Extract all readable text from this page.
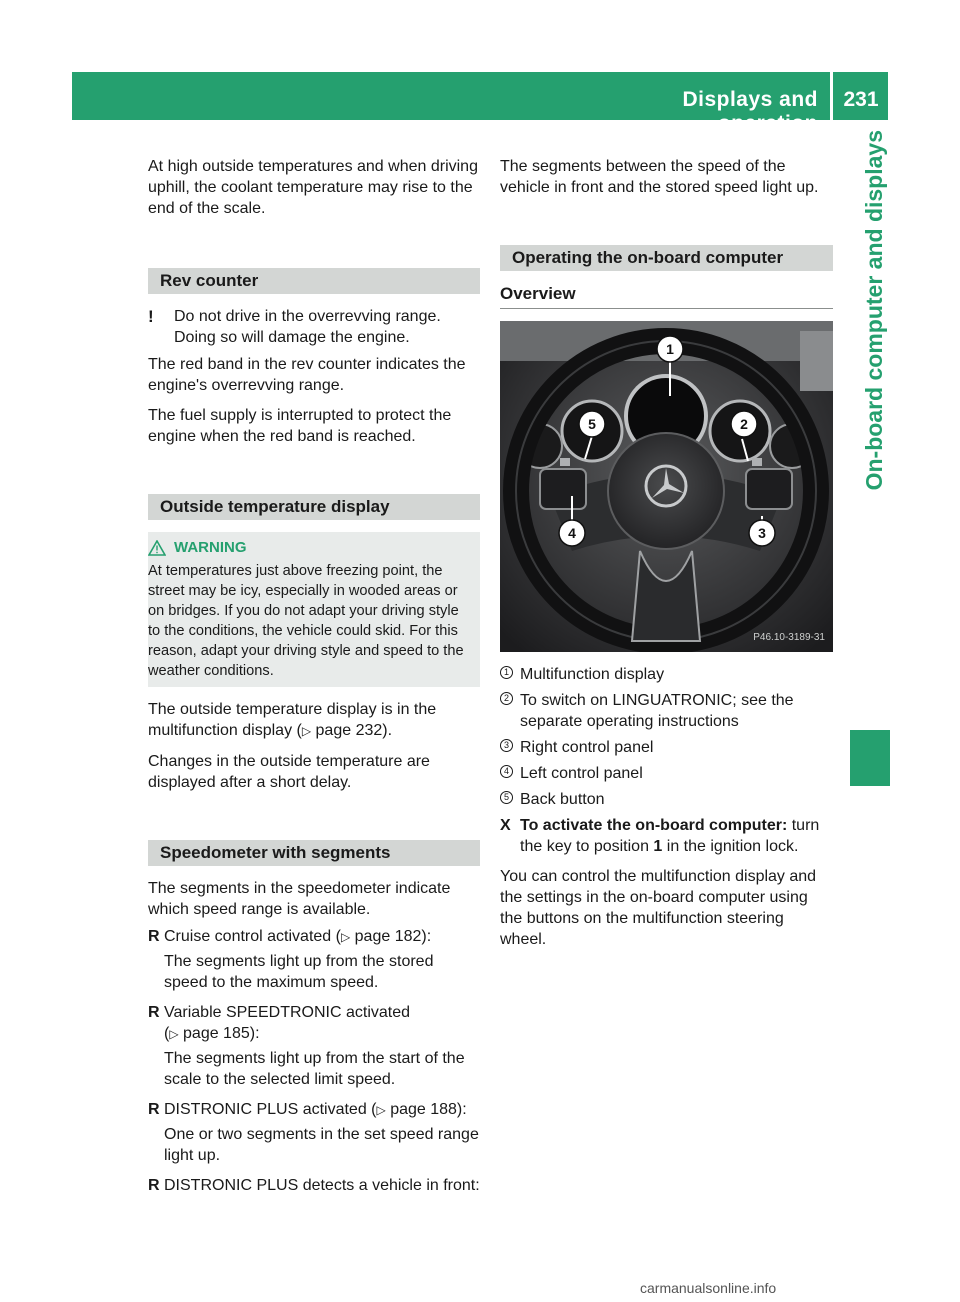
Displays and operation
231
On-board computer and displays

At high outside temperatures and when driving uphill, the coolant temperature may rise to the end of the scale.

Rev counter
!	Do not drive in the overrevving range. Doing so will damage the engine.

The red band in the rev counter indicates the engine's overrevving range.

The fuel supply is interrupted to protect the engine when the red band is reached.

Outside temperature display
WARNING
At temperatures just above freezing point, the street may be icy, especially in wooded areas or on bridges. If you do not adapt your driving style to the conditions, the vehicle could skid. For this reason, adapt your driving style and speed to the weather conditions.

The outside temperature display is in the multifunction display (▷ page 232).

Changes in the outside temperature are displayed after a short delay.

Speedometer with segments

The segments in the speedometer indicate which speed range is available.

R Cruise control activated (▷ page 182):

The segments light up from the stored speed to the maximum speed.

R Variable SPEEDTRONIC activated

(▷ page 185):

The segments light up from the start of the scale to the selected limit speed.

R DISTRONIC PLUS activated (▷ page 188):

One or two segments in the set speed range light up.

R DISTRONIC PLUS detects a vehicle in front:

The segments between the speed of the vehicle in front and the stored speed light up.

Operating the on-board computer
Overview
1
2
3
4
5
P46.10-3189-31
1 Multifunction display
2 To switch on LINGUATRONIC; see the separate operating instructions
3 Right control panel
4 Left control panel
5 Back button
X To activate the on-board computer: turn the key to position 1 in the ignition lock.

You can control the multifunction display and the settings in the on-board computer using the buttons on the multifunction steering wheel.

carmanualsonline.info
